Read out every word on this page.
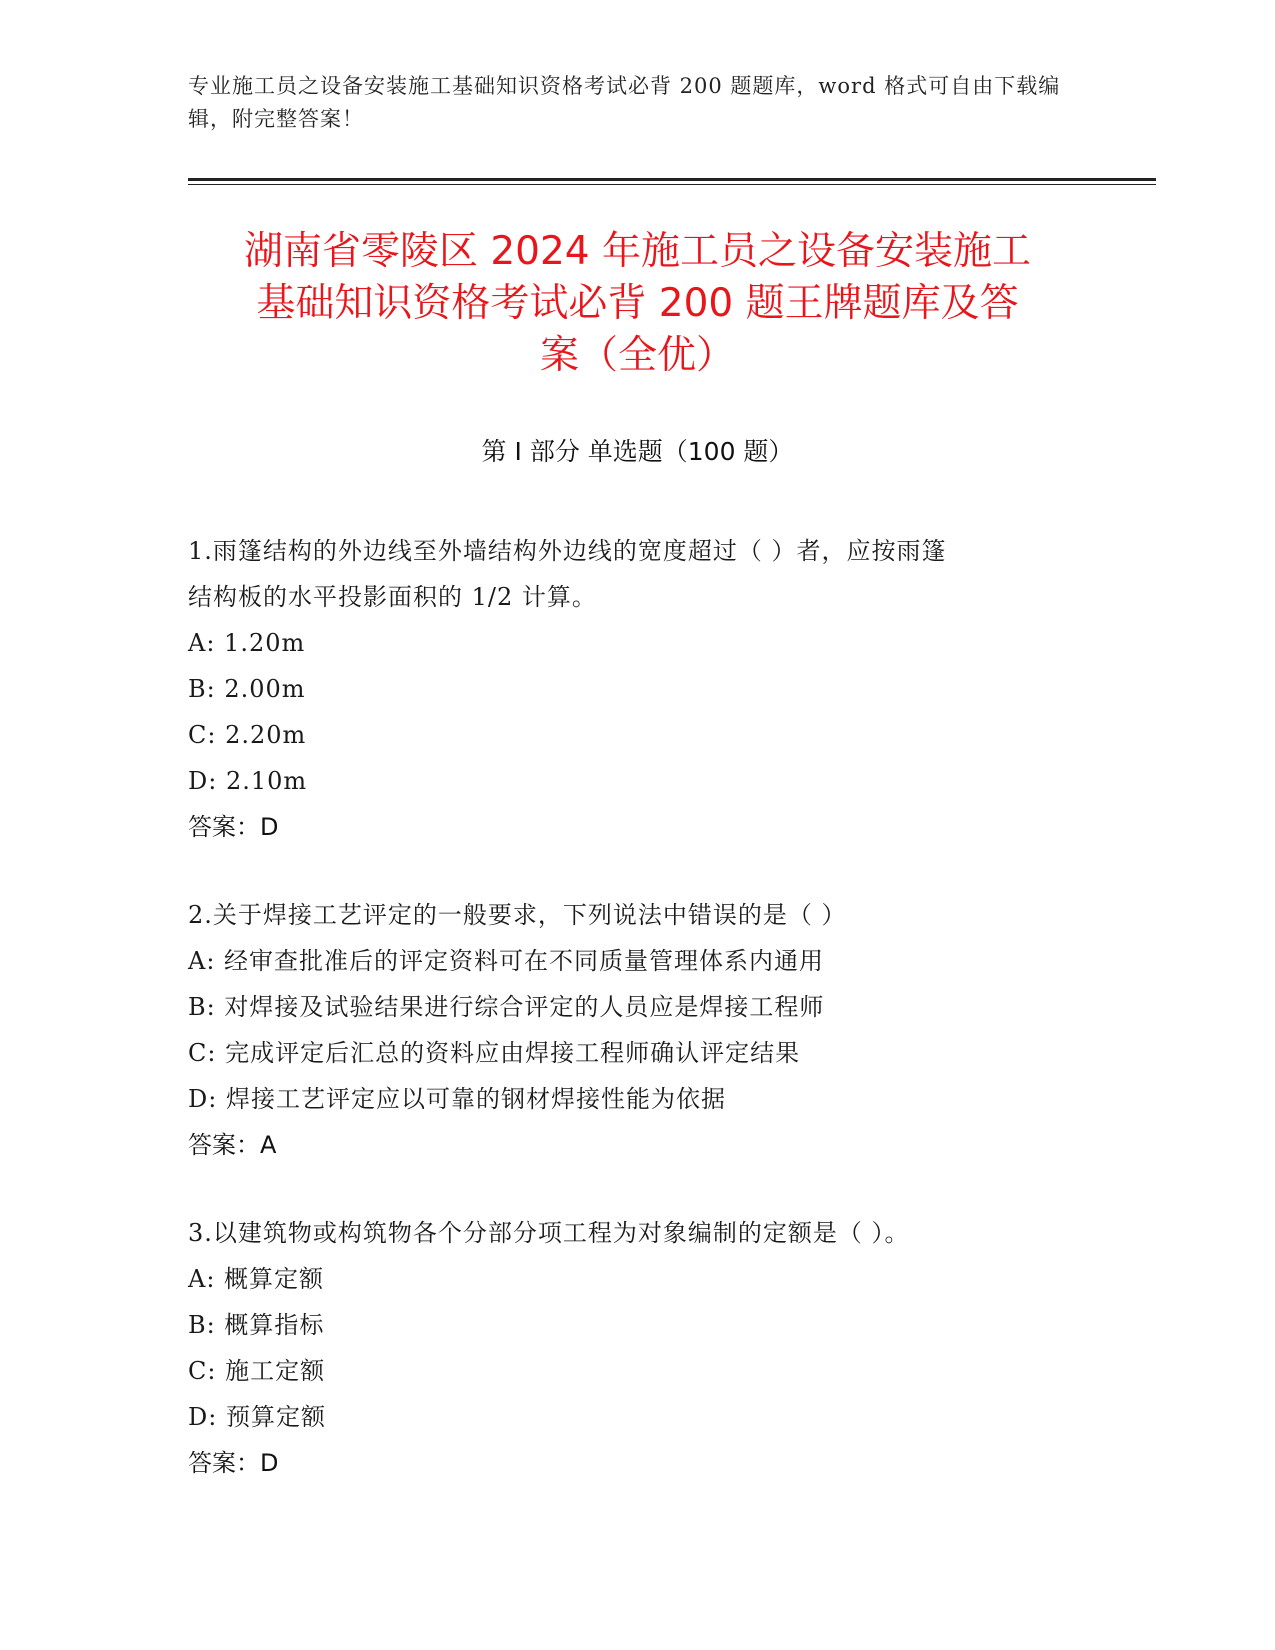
专业施工员之设备安装施工基础知识资格考试必背 200 题题库，word 格式可自由下载编辑，附完整答案！
湖南省零陵区 2024 年施工员之设备安装施工
基础知识资格考试必背 200 题王牌题库及答
案（全优）
第 I 部分 单选题（100 题）
1.雨篷结构的外边线至外墙结构外边线的宽度超过（ ）者，应按雨篷
结构板的水平投影面积的 1/2 计算。
A: 1.20m
B: 2.00m
C: 2.20m
D: 2.10m
答案：D
2.关于焊接工艺评定的一般要求，下列说法中错误的是（ ）
A: 经审查批准后的评定资料可在不同质量管理体系内通用
B: 对焊接及试验结果进行综合评定的人员应是焊接工程师
C: 完成评定后汇总的资料应由焊接工程师确认评定结果
D: 焊接工艺评定应以可靠的钢材焊接性能为依据
答案：A
3.以建筑物或构筑物各个分部分项工程为对象编制的定额是（ ）。
A: 概算定额
B: 概算指标
C: 施工定额
D: 预算定额
答案：D
